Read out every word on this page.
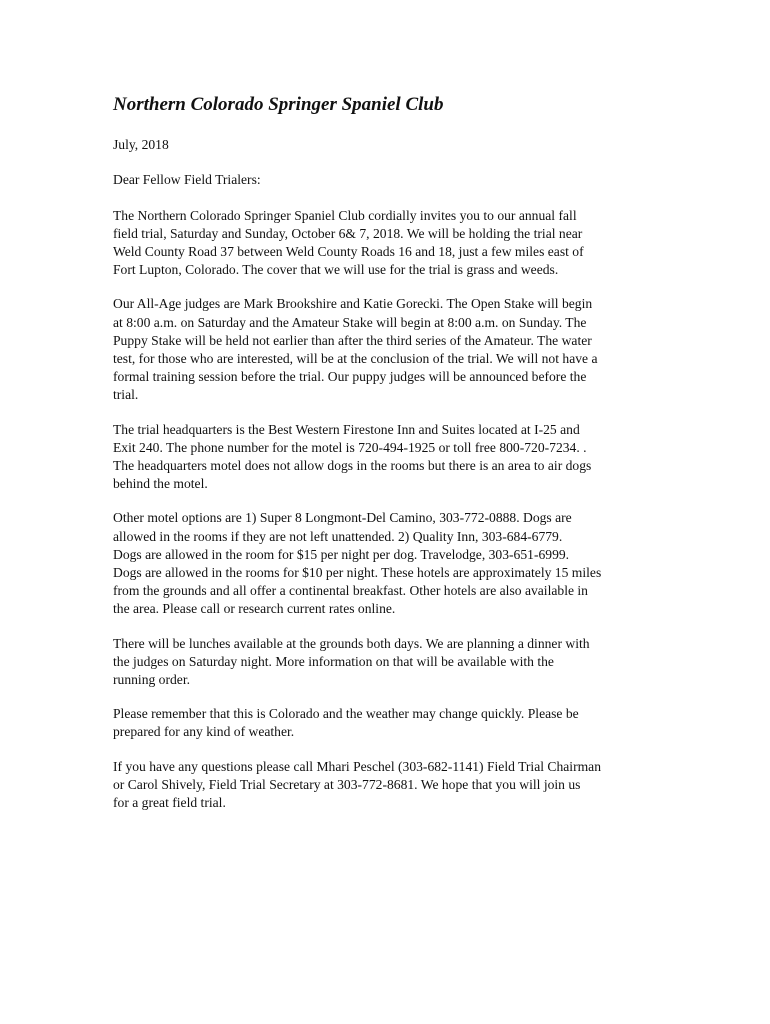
Northern Colorado Springer Spaniel Club

July, 2018

Dear Fellow Field Trialers:

The Northern Colorado Springer Spaniel Club cordially invites you to our annual fall
field trial, Saturday and Sunday, October 6& 7, 2018. We will be holding the trial near
Weld County Road 37 between Weld County Roads 16 and 18, just a few miles east of
Fort Lupton, Colorado. The cover that we will use for the trial is grass and weeds.

Our All-Age judges are Mark Brookshire and Katie Gorecki. The Open Stake will begin
at 8:00 a.m. on Saturday and the Amateur Stake will begin at 8:00 a.m. on Sunday. The
Puppy Stake will be held not earlier than after the third series of the Amateur. The water
test, for those who are interested, will be at the conclusion of the trial. We will not have a
formal training session before the trial. Our puppy judges will be announced before the
trial.

The trial headquarters is the Best Western Firestone Inn and Suites located at I-25 and
Exit 240. The phone number for the motel is 720-494-1925 or toll free 800-720-7234. .
The headquarters motel does not allow dogs in the rooms but there is an area to air dogs
behind the motel.

Other motel options are 1) Super 8 Longmont-Del Camino, 303-772-0888. Dogs are
allowed in the rooms if they are not left unattended. 2) Quality Inn, 303-684-6779.
Dogs are allowed in the room for $15 per night per dog. Travelodge, 303-651-6999.
Dogs are allowed in the rooms for $10 per night. These hotels are approximately 15 miles
from the grounds and all offer a continental breakfast. Other hotels are also available in
the area. Please call or research current rates online.

There will be lunches available at the grounds both days. We are planning a dinner with
the judges on Saturday night. More information on that will be available with the
running order.

Please remember that this is Colorado and the weather may change quickly. Please be
prepared for any kind of weather.

If you have any questions please call Mhari Peschel (303-682-1141) Field Trial Chairman
or Carol Shively, Field Trial Secretary at 303-772-8681. We hope that you will join us
for a great field trial.
